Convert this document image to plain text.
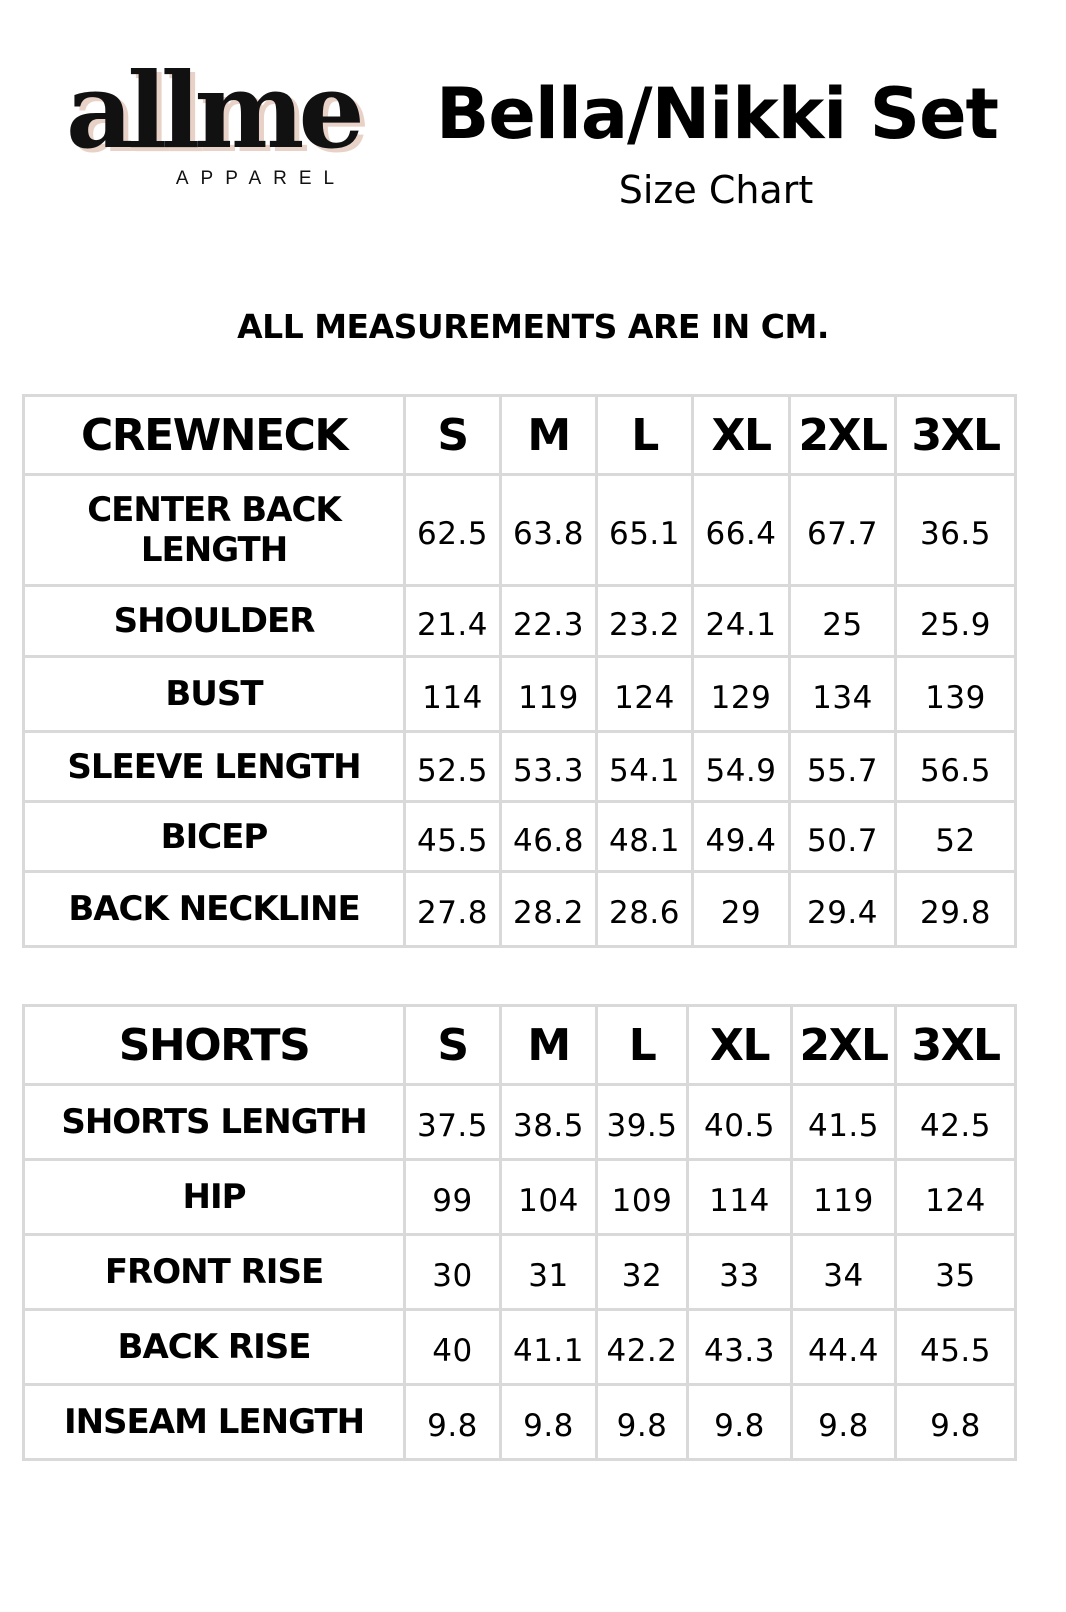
allme
APPAREL
Bella/Nikki Set
Size Chart
ALL MEASUREMENTS ARE IN CM.
CREWNECK	S	M	L	XL	2XL	3XL
CENTER BACK LENGTH	62.5	63.8	65.1	66.4	67.7	36.5
SHOULDER	21.4	22.3	23.2	24.1	25	25.9
BUST	114	119	124	129	134	139
SLEEVE LENGTH	52.5	53.3	54.1	54.9	55.7	56.5
BICEP	45.5	46.8	48.1	49.4	50.7	52
BACK NECKLINE	27.8	28.2	28.6	29	29.4	29.8
SHORTS	S	M	L	XL	2XL	3XL
SHORTS LENGTH	37.5	38.5	39.5	40.5	41.5	42.5
HIP	99	104	109	114	119	124
FRONT RISE	30	31	32	33	34	35
BACK RISE	40	41.1	42.2	43.3	44.4	45.5
INSEAM LENGTH	9.8	9.8	9.8	9.8	9.8	9.8
